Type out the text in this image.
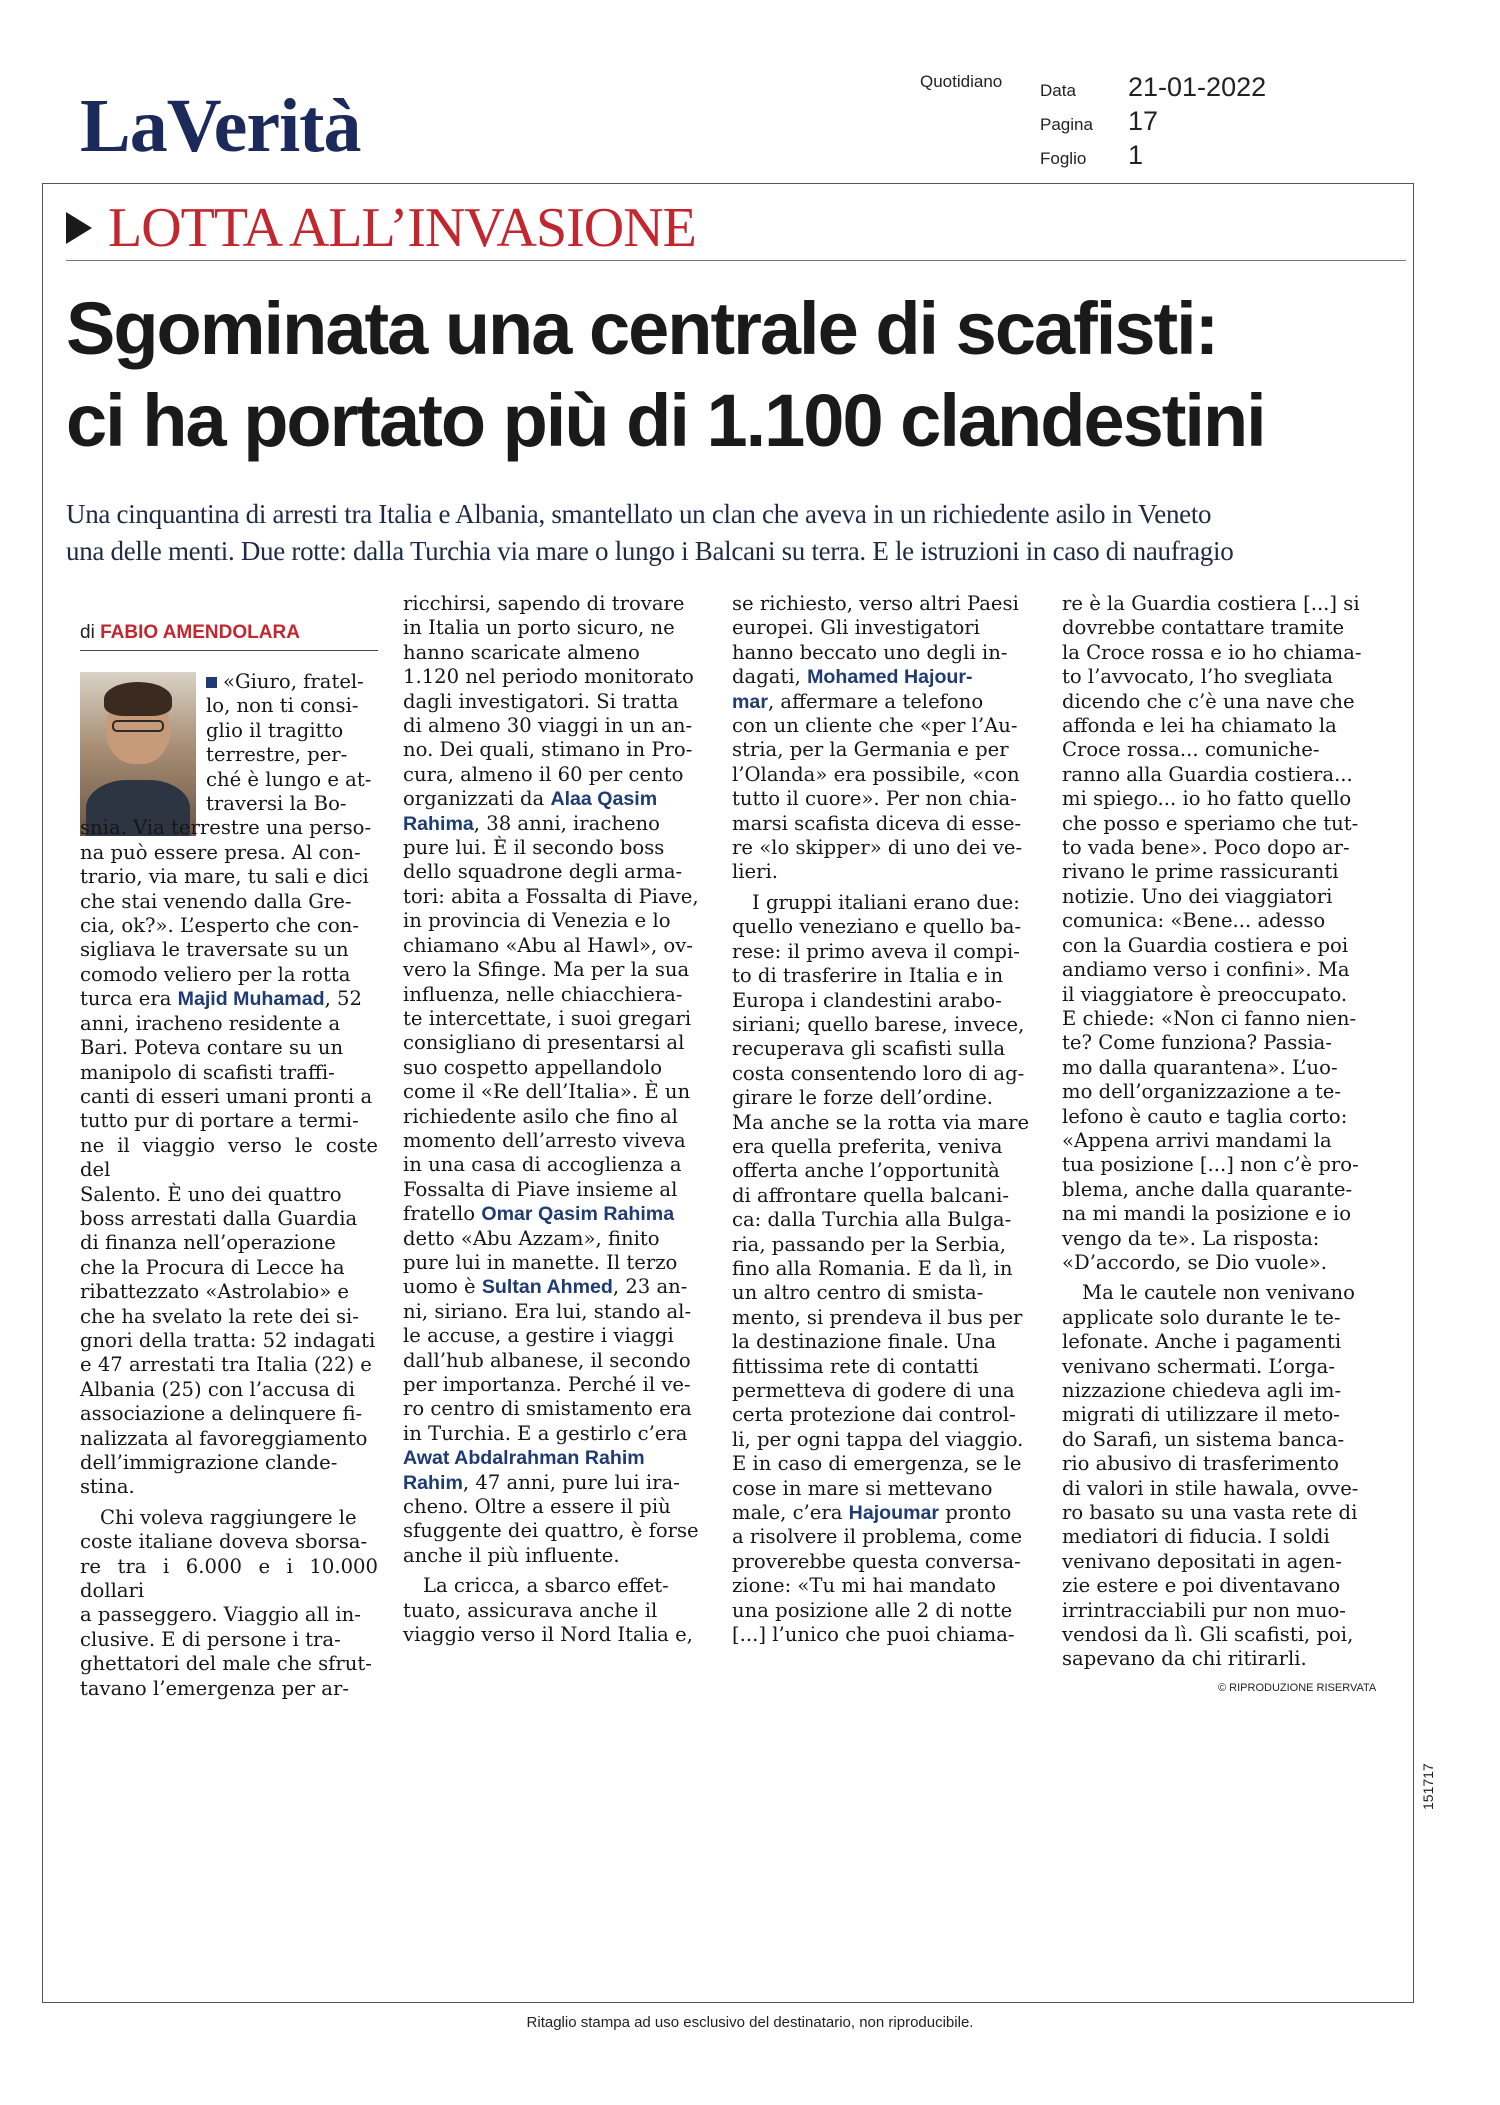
LaVerità
Quotidiano Data	21-01-2022
Pagina	17
Foglio	1
LOTTA ALL’INVASIONE
Sgominata una centrale di scafisti:
ci ha portato più di 1.100 clandestini
Una cinquantina di arresti tra Italia e Albania, smantellato un clan che aveva in un richiedente asilo in Veneto
una delle menti. Due rotte: dalla Turchia via mare o lungo i Balcani su terra. E le istruzioni in caso di naufragio
di FABIO AMENDOLARA
«Giuro, fratel-
lo, non ti consi-
glio il tragitto
terrestre, per-
ché è lungo e at-
traversi la Bo-
snia. Via terrestre una perso-
na può essere presa. Al con-
trario, via mare, tu sali e dici
che stai venendo dalla Gre-
cia, ok?». L’esperto che con-
sigliava le traversate su un
comodo veliero per la rotta
turca era Majid Muhamad, 52
anni, iracheno residente a
Bari. Poteva contare su un
manipolo di scafisti traffi-
canti di esseri umani pronti a
tutto pur di portare a termi-
ne il viaggio verso le coste del
Salento. È uno dei quattro
boss arrestati dalla Guardia
di finanza nell’operazione
che la Procura di Lecce ha
ribattezzato «Astrolabio» e
che ha svelato la rete dei si-
gnori della tratta: 52 indagati
e 47 arrestati tra Italia (22) e
Albania (25) con l’accusa di
associazione a delinquere fi-
nalizzata al favoreggiamento
dell’immigrazione clande-
stina.
Chi voleva raggiungere le
coste italiane doveva sborsa-
re tra i 6.000 e i 10.000 dollari
a passeggero. Viaggio all in-
clusive. E di persone i tra-
ghettatori del male che sfrut-
tavano l’emergenza per ar-
ricchirsi, sapendo di trovare
in Italia un porto sicuro, ne
hanno scaricate almeno
1.120 nel periodo monitorato
dagli investigatori. Si tratta
di almeno 30 viaggi in un an-
no. Dei quali, stimano in Pro-
cura, almeno il 60 per cento
organizzati da Alaa Qasim
Rahima, 38 anni, iracheno
pure lui. È il secondo boss
dello squadrone degli arma-
tori: abita a Fossalta di Piave,
in provincia di Venezia e lo
chiamano «Abu al Hawl», ov-
vero la Sfinge. Ma per la sua
influenza, nelle chiacchiera-
te intercettate, i suoi gregari
consigliano di presentarsi al
suo cospetto appellandolo
come il «Re dell’Italia». È un
richiedente asilo che fino al
momento dell’arresto viveva
in una casa di accoglienza a
Fossalta di Piave insieme al
fratello Omar Qasim Rahima
detto «Abu Azzam», finito
pure lui in manette. Il terzo
uomo è Sultan Ahmed, 23 an-
ni, siriano. Era lui, stando al-
le accuse, a gestire i viaggi
dall’hub albanese, il secondo
per importanza. Perché il ve-
ro centro di smistamento era
in Turchia. E a gestirlo c’era
Awat Abdalrahman Rahim
Rahim, 47 anni, pure lui ira-
cheno. Oltre a essere il più
sfuggente dei quattro, è forse
anche il più influente.
La cricca, a sbarco effet-
tuato, assicurava anche il
viaggio verso il Nord Italia e,
se richiesto, verso altri Paesi
europei. Gli investigatori
hanno beccato uno degli in-
dagati, Mohamed Hajour-
mar, affermare a telefono
con un cliente che «per l’Au-
stria, per la Germania e per
l’Olanda» era possibile, «con
tutto il cuore». Per non chia-
marsi scafista diceva di esse-
re «lo skipper» di uno dei ve-
lieri.
I gruppi italiani erano due:
quello veneziano e quello ba-
rese: il primo aveva il compi-
to di trasferire in Italia e in
Europa i clandestini arabo-
siriani; quello barese, invece,
recuperava gli scafisti sulla
costa consentendo loro di ag-
girare le forze dell’ordine.
Ma anche se la rotta via mare
era quella preferita, veniva
offerta anche l’opportunità
di affrontare quella balcani-
ca: dalla Turchia alla Bulga-
ria, passando per la Serbia,
fino alla Romania. E da lì, in
un altro centro di smista-
mento, si prendeva il bus per
la destinazione finale. Una
fittissima rete di contatti
permetteva di godere di una
certa protezione dai control-
li, per ogni tappa del viaggio.
E in caso di emergenza, se le
cose in mare si mettevano
male, c’era Hajoumar pronto
a risolvere il problema, come
proverebbe questa conversa-
zione: «Tu mi hai mandato
una posizione alle 2 di notte
[...] l’unico che puoi chiama-
re è la Guardia costiera [...] si
dovrebbe contattare tramite
la Croce rossa e io ho chiama-
to l’avvocato, l’ho svegliata
dicendo che c’è una nave che
affonda e lei ha chiamato la
Croce rossa... comuniche-
ranno alla Guardia costiera...
mi spiego... io ho fatto quello
che posso e speriamo che tut-
to vada bene». Poco dopo ar-
rivano le prime rassicuranti
notizie. Uno dei viaggiatori
comunica: «Bene... adesso
con la Guardia costiera e poi
andiamo verso i confini». Ma
il viaggiatore è preoccupato.
E chiede: «Non ci fanno nien-
te? Come funziona? Passia-
mo dalla quarantena». L’uo-
mo dell’organizzazione a te-
lefono è cauto e taglia corto:
«Appena arrivi mandami la
tua posizione [...] non c’è pro-
blema, anche dalla quarante-
na mi mandi la posizione e io
vengo da te». La risposta:
«D’accordo, se Dio vuole».
Ma le cautele non venivano
applicate solo durante le te-
lefonate. Anche i pagamenti
venivano schermati. L’orga-
nizzazione chiedeva agli im-
migrati di utilizzare il meto-
do Sarafi, un sistema banca-
rio abusivo di trasferimento
di valori in stile hawala, ovve-
ro basato su una vasta rete di
mediatori di fiducia. I soldi
venivano depositati in agen-
zie estere e poi diventavano
irrintracciabili pur non muo-
vendosi da lì. Gli scafisti, poi,
sapevano da chi ritirarli.
© RIPRODUZIONE RISERVATA
151717
Ritaglio stampa ad uso esclusivo del destinatario, non riproducibile.
